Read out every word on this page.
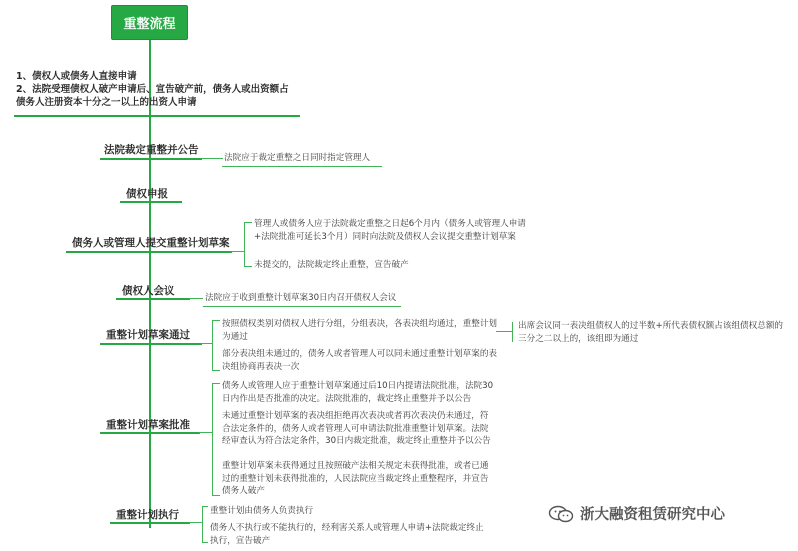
重整流程
1、债权人或债务人直接申请
2、法院受理债权人破产申请后、宣告破产前，债务人或出资额占债务人注册资本十分之一以上的出资人申请
法院裁定重整并公告
法院应于裁定重整之日同时指定管理人
债权申报
债务人或管理人提交重整计划草案
管理人或债务人应于法院裁定重整之日起6个月内（债务人或管理人申请+法院批准可延长3个月）同时向法院及债权人会议提交重整计划草案
未提交的，法院裁定终止重整，宣告破产
债权人会议
法院应于收到重整计划草案30日内召开债权人会议
重整计划草案通过
按照债权类别对债权人进行分组，分组表决，各表决组均通过，重整计划为通过
部分表决组未通过的，债务人或者管理人可以同未通过重整计划草案的表决组协商再表决一次
出席会议同一表决组债权人的过半数+所代表债权额占该组债权总额的三分之二以上的，该组即为通过
重整计划草案批准
债务人或管理人应于重整计划草案通过后10日内提请法院批准，法院30日内作出是否批准的决定。法院批准的，裁定终止重整并予以公告
未通过重整计划草案的表决组拒绝再次表决或者再次表决仍未通过，符合法定条件的，债务人或者管理人可申请法院批准重整计划草案。法院经审查认为符合法定条件，30日内裁定批准，裁定终止重整并予以公告
重整计划草案未获得通过且按照破产法相关规定未获得批准，或者已通过的重整计划未获得批准的，人民法院应当裁定终止重整程序，并宣告债务人破产
重整计划执行	重整计划由债务人负责执行
债务人不执行或不能执行的，经利害关系人或管理人申请+法院裁定终止执行，宣告破产
浙大融资租赁研究中心
